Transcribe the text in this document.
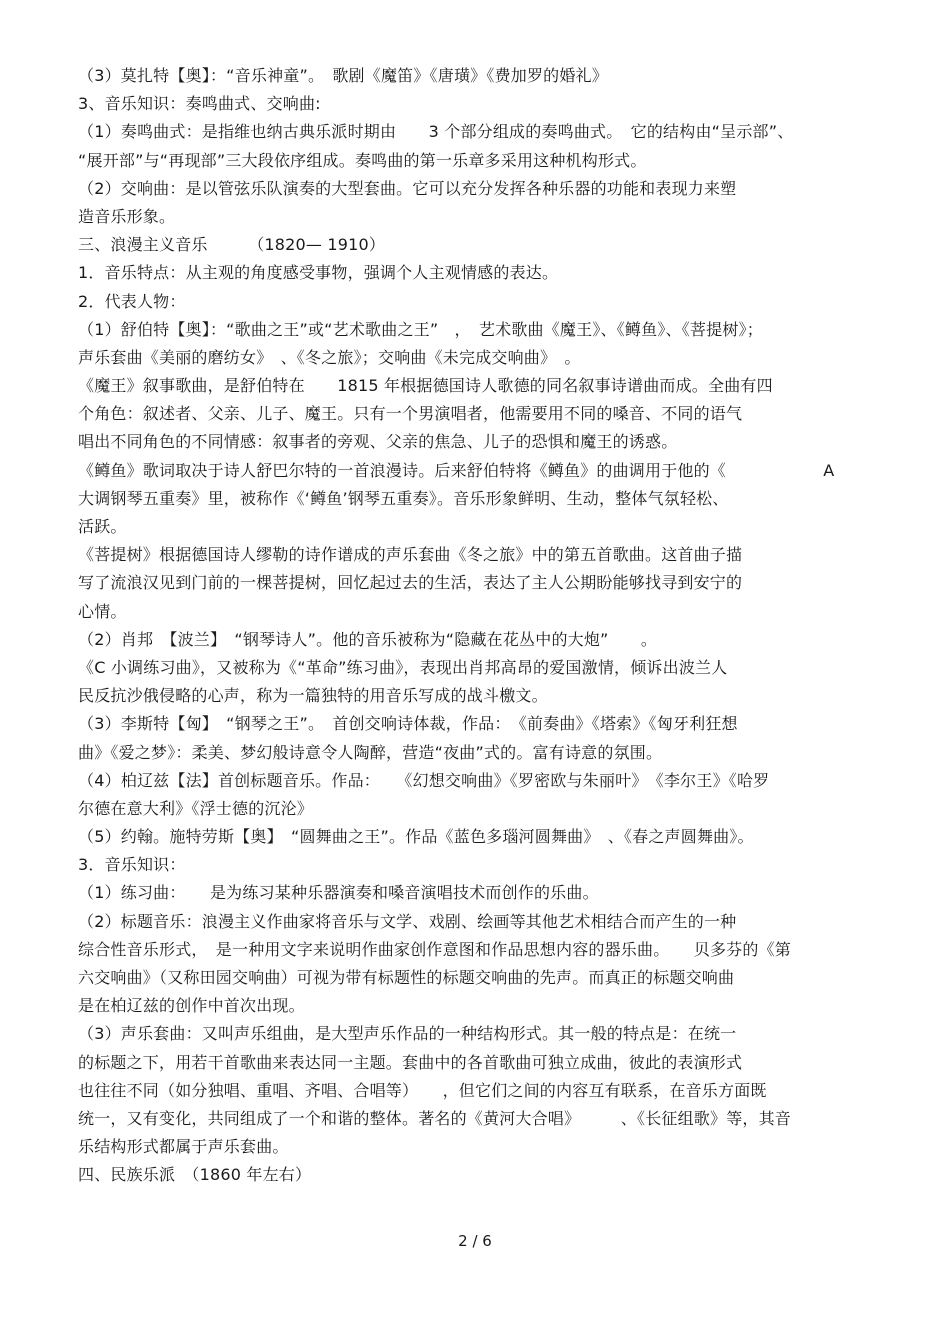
（3）莫扎特【奥】：“音乐神童”。　歌剧《魔笛》《唐璜》《费加罗的婚礼》
3、音乐知识：奏鸣曲式、交响曲:
（1）奏鸣曲式：是指维也纳古典乐派时期由　　3 个部分组成的奏鸣曲式。　它的结构由“呈示部”、
“展开部”与“再现部”三大段依序组成。奏鸣曲的第一乐章多采用这种机构形式。
（2）交响曲：是以管弦乐队演奏的大型套曲。它可以充分发挥各种乐器的功能和表现力来塑
造音乐形象。
三、浪漫主义音乐　　　（1820— 1910）
1．音乐特点：从主观的角度感受事物，强调个人主观情感的表达。
2．代表人物：
（1）舒伯特【奥】：“歌曲之王”或“艺术歌曲之王”　，　艺术歌曲《魔王》、《鳟鱼》、《菩提树》；
声乐套曲《美丽的磨纺女》　、《冬之旅》；交响曲《未完成交响曲》　。
《魔王》叙事歌曲，是舒伯特在　　1815 年根据德国诗人歌德的同名叙事诗谱曲而成。全曲有四
个角色：叙述者、父亲、儿子、魔王。只有一个男演唱者，他需要用不同的嗓音、不同的语气
唱出不同角色的不同情感：叙事者的旁观、父亲的焦急、儿子的恐惧和魔王的诱惑。
《鳟鱼》歌词取决于诗人舒巴尔特的一首浪漫诗。后来舒伯特将《鳟鱼》的曲调用于他的《　　　　　　A
大调钢琴五重奏》里，被称作《‘鳟鱼’钢琴五重奏》。音乐形象鲜明、生动，整体气氛轻松、
活跃。
《菩提树》根据德国诗人缪勒的诗作谱成的声乐套曲《冬之旅》中的第五首歌曲。这首曲子描
写了流浪汉见到门前的一棵菩提树，回忆起过去的生活，表达了主人公期盼能够找寻到安宁的
心情。
（2）肖邦　【波兰】　“钢琴诗人”。他的音乐被称为“隐藏在花丛中的大炮”　　。
《C 小调练习曲》，又被称为《“革命”练习曲》，表现出肖邦高昂的爱国激情，倾诉出波兰人
民反抗沙俄侵略的心声，称为一篇独特的用音乐写成的战斗檄文。
（3）李斯特【匈】　“钢琴之王”。　首创交响诗体裁，作品：　《前奏曲》《塔索》《匈牙利狂想
曲》《爱之梦》：柔美、梦幻般诗意令人陶醉，营造“夜曲”式的。富有诗意的氛围。
（4）柏辽兹【法】首创标题音乐。作品：　　《幻想交响曲》《罗密欧与朱丽叶》　《李尔王》《哈罗
尔德在意大利》《浮士德的沉沦》
（5）约翰。施特劳斯【奥】　“圆舞曲之王”。作品《蓝色多瑙河圆舞曲》　、《春之声圆舞曲》。
3．音乐知识：
（1）练习曲：　　是为练习某种乐器演奏和嗓音演唱技术而创作的乐曲。
（2）标题音乐：浪漫主义作曲家将音乐与文学、戏剧、绘画等其他艺术相结合而产生的一种
综合性音乐形式，　是一种用文字来说明作曲家创作意图和作品思想内容的器乐曲。　　贝多芬的《第
六交响曲》（又称田园交响曲）可视为带有标题性的标题交响曲的先声。而真正的标题交响曲
是在柏辽兹的创作中首次出现。
（3）声乐套曲：又叫声乐组曲，是大型声乐作品的一种结构形式。其一般的特点是：在统一
的标题之下，用若干首歌曲来表达同一主题。套曲中的各首歌曲可独立成曲，彼此的表演形式
也往往不同（如分独唱、重唱、齐唱、合唱等）　　，但它们之间的内容互有联系，在音乐方面既
统一，又有变化，共同组成了一个和谐的整体。著名的《黄河大合唱》　　　、《长征组歌》等，其音
乐结构形式都属于声乐套曲。
四、民族乐派　（1860 年左右）
2 / 6
